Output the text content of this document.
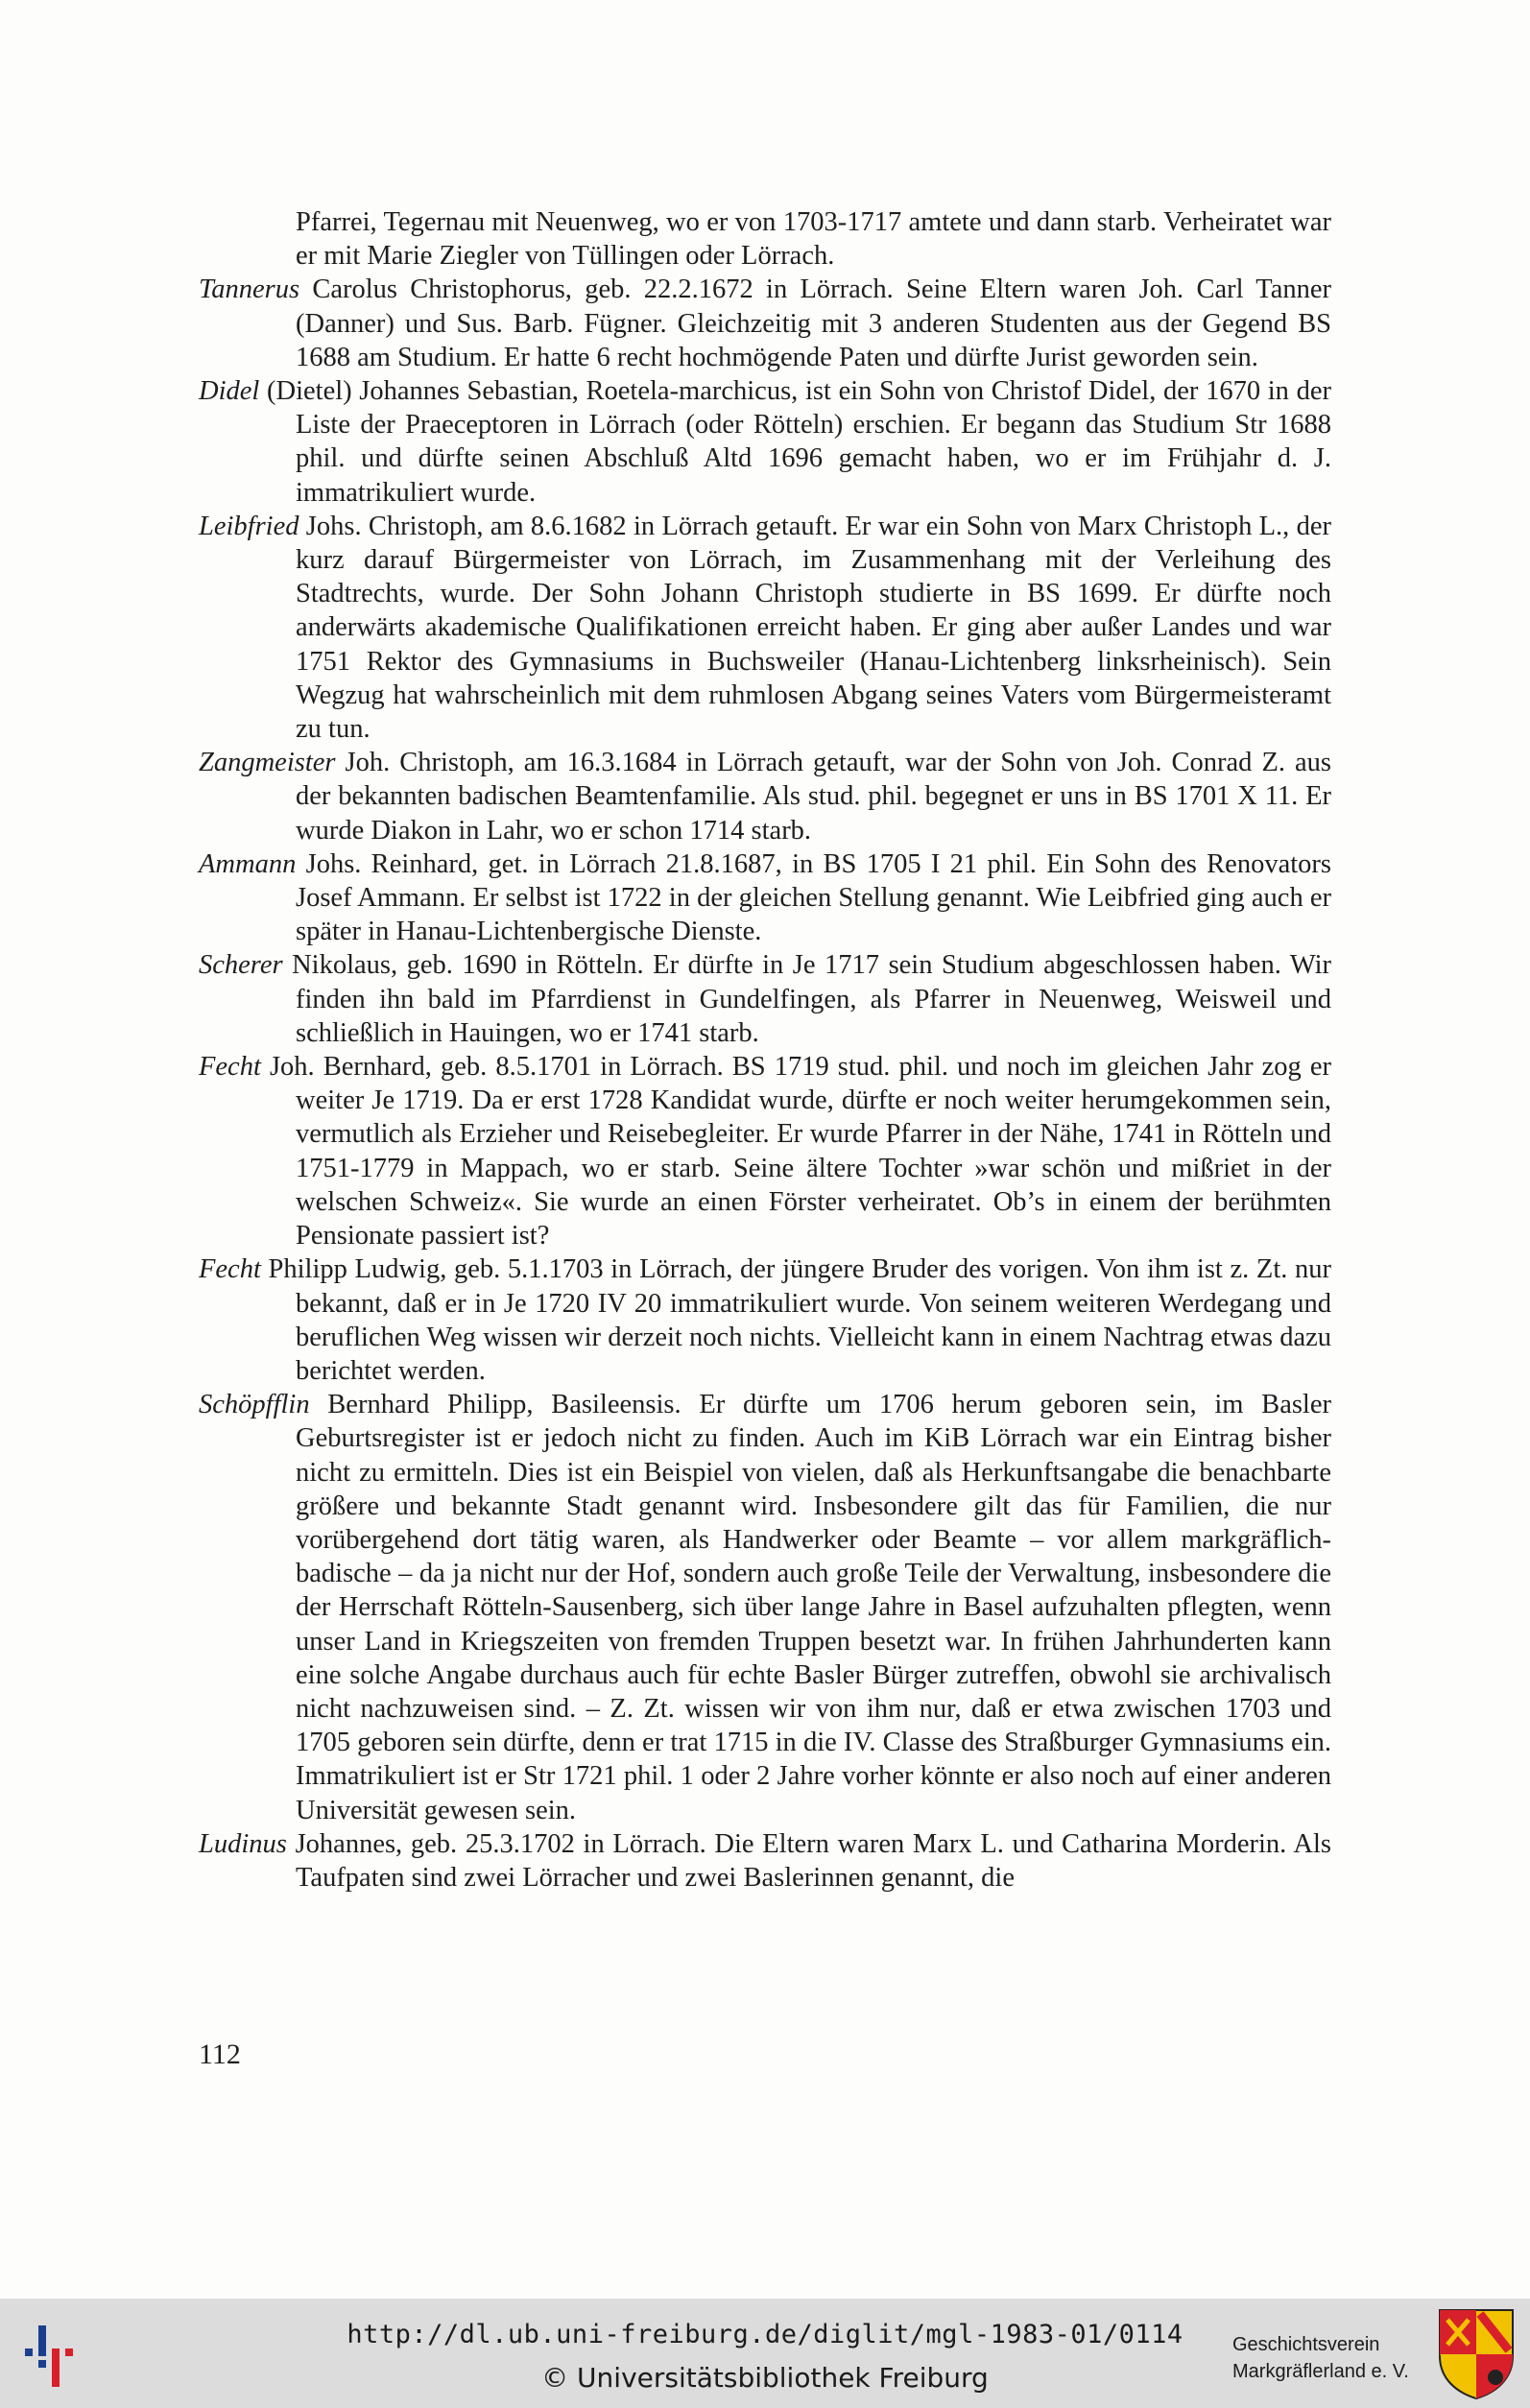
Pfarrei, Tegernau mit Neuenweg, wo er von 1703-1717 amtete und dann starb. Verheiratet war er mit Marie Ziegler von Tüllingen oder Lörrach.

Tannerus Carolus Christophorus, geb. 22.2.1672 in Lörrach. Seine Eltern waren Joh. Carl Tanner (Danner) und Sus. Barb. Fügner. Gleichzeitig mit 3 anderen Studenten aus der Gegend BS 1688 am Studium. Er hatte 6 recht hochmögende Paten und dürfte Jurist geworden sein.

Didel (Dietel) Johannes Sebastian, Roetela-marchicus, ist ein Sohn von Christof Didel, der 1670 in der Liste der Praeceptoren in Lörrach (oder Rötteln) erschien. Er begann das Studium Str 1688 phil. und dürfte seinen Abschluß Altd 1696 gemacht haben, wo er im Frühjahr d. J. immatrikuliert wurde.

Leibfried Johs. Christoph, am 8.6.1682 in Lörrach getauft. Er war ein Sohn von Marx Christoph L., der kurz darauf Bürgermeister von Lörrach, im Zusammenhang mit der Verleihung des Stadtrechts, wurde. Der Sohn Johann Christoph studierte in BS 1699. Er dürfte noch anderwärts akademische Qualifikationen erreicht haben. Er ging aber außer Landes und war 1751 Rektor des Gymnasiums in Buchsweiler (Hanau-Lichtenberg linksrheinisch). Sein Wegzug hat wahrscheinlich mit dem ruhmlosen Abgang seines Vaters vom Bürgermeisteramt zu tun.

Zangmeister Joh. Christoph, am 16.3.1684 in Lörrach getauft, war der Sohn von Joh. Conrad Z. aus der bekannten badischen Beamtenfamilie. Als stud. phil. begegnet er uns in BS 1701 X 11. Er wurde Diakon in Lahr, wo er schon 1714 starb.

Ammann Johs. Reinhard, get. in Lörrach 21.8.1687, in BS 1705 I 21 phil. Ein Sohn des Renovators Josef Ammann. Er selbst ist 1722 in der gleichen Stellung genannt. Wie Leibfried ging auch er später in Hanau-Lichtenbergische Dienste.

Scherer Nikolaus, geb. 1690 in Rötteln. Er dürfte in Je 1717 sein Studium abgeschlossen haben. Wir finden ihn bald im Pfarrdienst in Gundelfingen, als Pfarrer in Neuenweg, Weisweil und schließlich in Hauingen, wo er 1741 starb.

Fecht Joh. Bernhard, geb. 8.5.1701 in Lörrach. BS 1719 stud. phil. und noch im gleichen Jahr zog er weiter Je 1719. Da er erst 1728 Kandidat wurde, dürfte er noch weiter herumgekommen sein, vermutlich als Erzieher und Reisebegleiter. Er wurde Pfarrer in der Nähe, 1741 in Rötteln und 1751-1779 in Mappach, wo er starb. Seine ältere Tochter »war schön und mißriet in der welschen Schweiz«. Sie wurde an einen Förster verheiratet. Ob’s in einem der berühmten Pensionate passiert ist?

Fecht Philipp Ludwig, geb. 5.1.1703 in Lörrach, der jüngere Bruder des vorigen. Von ihm ist z. Zt. nur bekannt, daß er in Je 1720 IV 20 immatrikuliert wurde. Von seinem weiteren Werdegang und beruflichen Weg wissen wir derzeit noch nichts. Vielleicht kann in einem Nachtrag etwas dazu berichtet werden.

Schöpfflin Bernhard Philipp, Basileensis. Er dürfte um 1706 herum geboren sein, im Basler Geburtsregister ist er jedoch nicht zu finden. Auch im KiB Lörrach war ein Eintrag bisher nicht zu ermitteln. Dies ist ein Beispiel von vielen, daß als Herkunftsangabe die benachbarte größere und bekannte Stadt genannt wird. Insbesondere gilt das für Familien, die nur vorübergehend dort tätig waren, als Handwerker oder Beamte – vor allem markgräflich-badische – da ja nicht nur der Hof, sondern auch große Teile der Verwaltung, insbesondere die der Herrschaft Rötteln-Sausenberg, sich über lange Jahre in Basel aufzuhalten pflegten, wenn unser Land in Kriegszeiten von fremden Truppen besetzt war. In frühen Jahrhunderten kann eine solche Angabe durchaus auch für echte Basler Bürger zutreffen, obwohl sie archivalisch nicht nachzuweisen sind. – Z. Zt. wissen wir von ihm nur, daß er etwa zwischen 1703 und 1705 geboren sein dürfte, denn er trat 1715 in die IV. Classe des Straßburger Gymnasiums ein. Immatrikuliert ist er Str 1721 phil. 1 oder 2 Jahre vorher könnte er also noch auf einer anderen Universität gewesen sein.

Ludinus Johannes, geb. 25.3.1702 in Lörrach. Die Eltern waren Marx L. und Catharina Morderin. Als Taufpaten sind zwei Lörracher und zwei Baslerinnen genannt, die

112
http://dl.ub.uni-freiburg.de/diglit/mgl-1983-01/0114
© Universitätsbibliothek Freiburg
Geschichtsverein
Markgräflerland e. V.
